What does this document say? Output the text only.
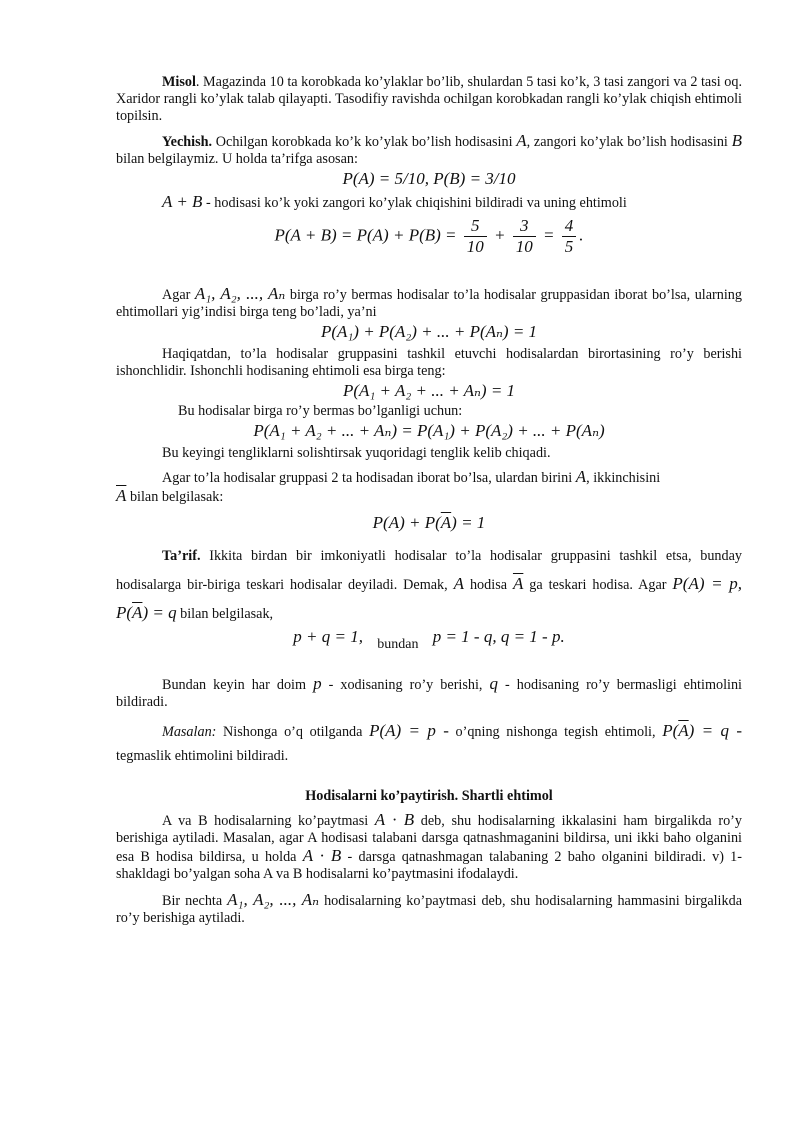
Misol. Magazinda 10 ta korobkada ko’ylaklar bo’lib, shulardan 5 tasi ko’k, 3 tasi zangori va 2 tasi oq. Xaridor rangli ko’ylak talab qilayapti. Tasodifiy ravishda ochilgan korobkadan rangli ko’ylak chiqish ehtimoli topilsin.

Yechish. Ochilgan korobkada ko’k ko’ylak bo’lish hodisasini A, zangori ko’ylak bo’lish hodisasini B bilan belgilaymiz. U holda ta’rifga asosan:

P(A) = 5/10, P(B) = 3/10

A + B - hodisasi ko’k yoki zangori ko’ylak chiqishini bildiradi va uning ehtimoli

$P(A + B) = P(A) + P(B) = \frac{5}{10} + \frac{3}{10} = \frac{4}{5}$ .

Agar A₁, A₂, ..., Aₙ birga ro’y bermas hodisalar to’la hodisalar gruppasidan iborat bo’lsa, ularning ehtimollari yig’indisi birga teng bo’ladi, ya’ni

P(A₁) + P(A₂) + ... + P(Aₙ) = 1

Haqiqatdan, to’la hodisalar gruppasini tashkil etuvchi hodisalardan birortasining ro’y berishi ishonchlidir. Ishonchli hodisaning ehtimoli esa birga teng:

P(A₁ + A₂ + ... + Aₙ) = 1

Bu hodisalar birga ro’y bermas bo’lganligi uchun:

P(A₁ + A₂ + ... + Aₙ) = P(A₁) + P(A₂) + ... + P(Aₙ)

Bu keyingi tengliklarni solishtirsak yuqoridagi tenglik kelib chiqadi.

Agar to’la hodisalar gruppasi 2 ta hodisadan iborat bo’lsa, ulardan birini A, ikkinchisini
$\overline{A}$ bilan belgilasak:

$P(A) + P(\overline{A}) = 1$

Ta’rif. Ikkita birdan bir imkoniyatli hodisalar to’la hodisalar gruppasini tashkil etsa, bunday hodisalarga bir-biriga teskari hodisalar deyiladi. Demak, A hodisa $\overline{A}$ ga teskari hodisa. Agar P(A) = p, $P(\overline{A}) = q$ bilan belgilasak,

p + q = 1, $_{bundan}$ p = 1 - q, q = 1 - p.

Bundan keyin har doim p - xodisaning ro’y berishi, q - hodisaning ro’y bermasligi ehtimolini bildiradi.

Masalan: Nishonga o’q otilganda P(A) = p - o’qning nishonga tegish ehtimoli, $P(\overline{A}) = q$ - tegmaslik ehtimolini bildiradi.

Hodisalarni ko’paytirish. Shartli ehtimol

A va B hodisalarning ko’paytmasi A · B deb, shu hodisalarning ikkalasini ham birgalikda ro’y berishiga aytiladi. Masalan, agar A hodisasi talabani darsga qatnashmaganini bildirsa, uni ikki baho olganini esa B hodisa bildirsa, u holda A · B - darsga qatnashmagan talabaning 2 baho olganini bildiradi. v) 1-shakldagi bo’yalgan soha A va B hodisalarni ko’paytmasini ifodalaydi.

Bir nechta A₁, A₂, ..., Aₙ hodisalarning ko’paytmasi deb, shu hodisalarning hammasini birgalikda ro’y berishiga aytiladi.
